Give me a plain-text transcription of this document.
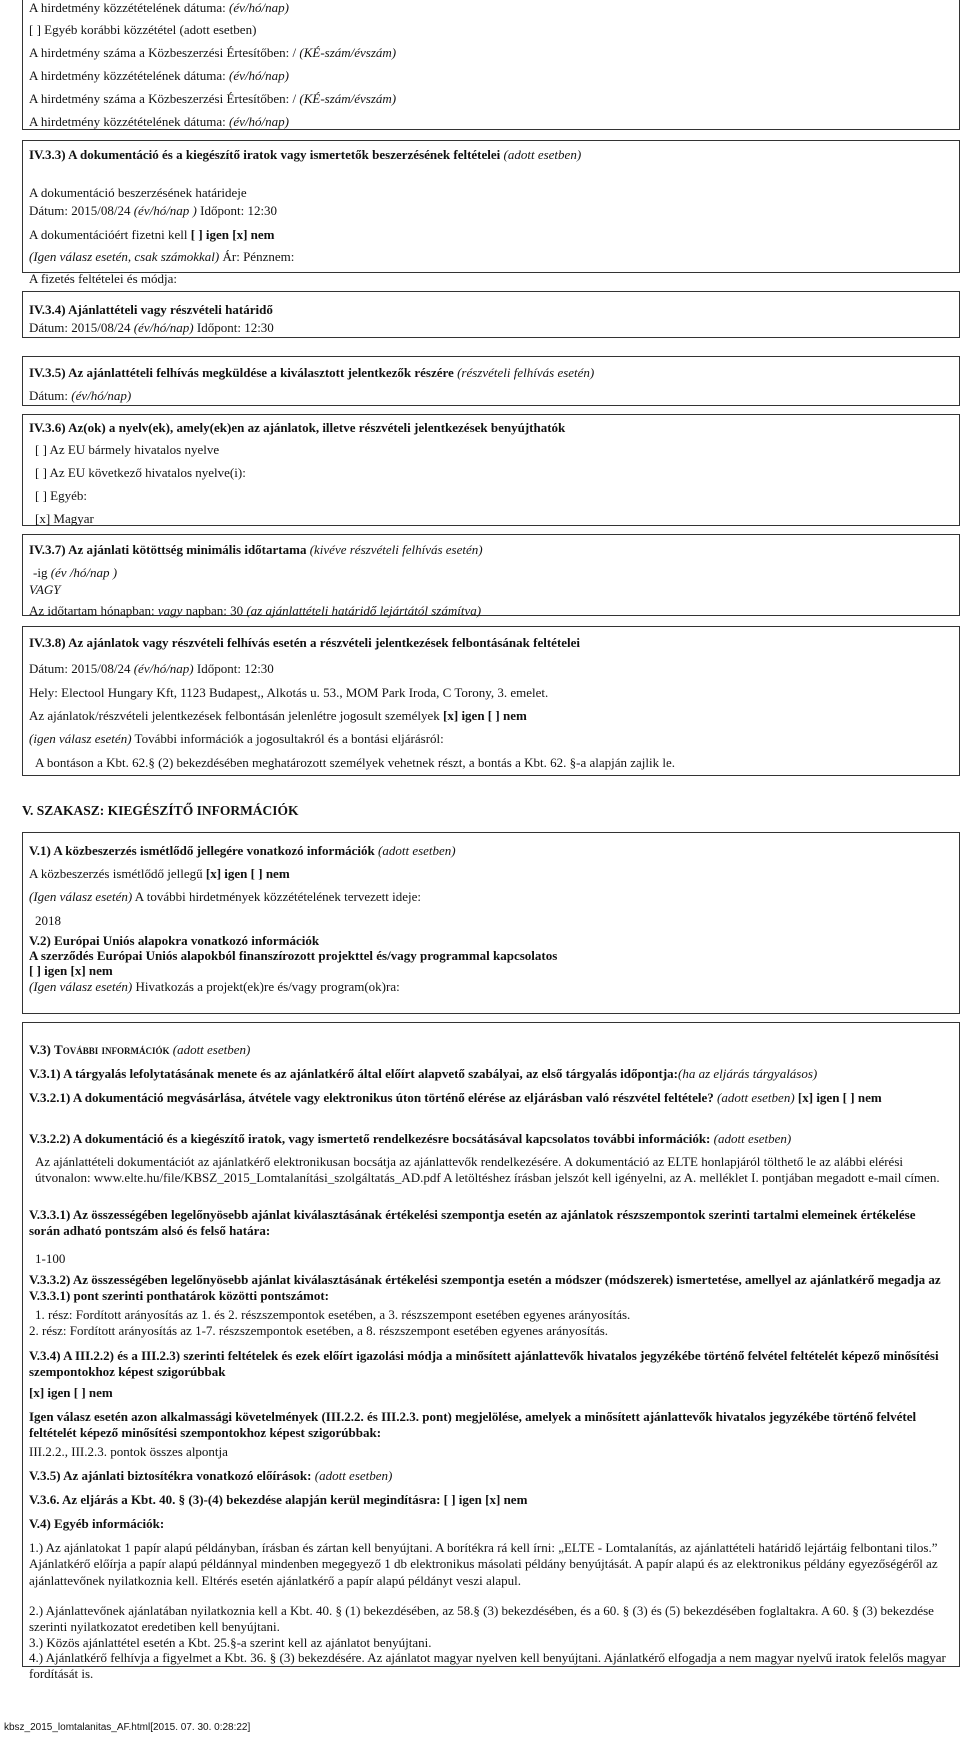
A hirdetmény közzétételének dátuma: (év/hó/nap)
[ ] Egyéb korábbi közzététel (adott esetben)
A hirdetmény száma a Közbeszerzési Értesítőben: / (KÉ-szám/évszám)
A hirdetmény közzétételének dátuma: (év/hó/nap)
A hirdetmény száma a Közbeszerzési Értesítőben: / (KÉ-szám/évszám)
A hirdetmény közzétételének dátuma: (év/hó/nap)
IV.3.3) A dokumentáció és a kiegészítő iratok vagy ismertetők beszerzésének feltételei (adott esetben)
A dokumentáció beszerzésének határideje
Dátum: 2015/08/24 (év/hó/nap ) Időpont: 12:30
A dokumentációért fizetni kell [ ] igen [x] nem
(Igen válasz esetén, csak számokkal) Ár: Pénznem:
A fizetés feltételei és módja:
IV.3.4) Ajánlattételi vagy részvételi határidő
Dátum: 2015/08/24 (év/hó/nap) Időpont: 12:30
IV.3.5) Az ajánlattételi felhívás megküldése a kiválasztott jelentkezők részére (részvételi felhívás esetén)
Dátum: (év/hó/nap)
IV.3.6) Az(ok) a nyelv(ek), amely(ek)en az ajánlatok, illetve részvételi jelentkezések benyújthatók
[ ] Az EU bármely hivatalos nyelve
[ ] Az EU következő hivatalos nyelve(i):
[ ] Egyéb:
[x] Magyar
IV.3.7) Az ajánlati kötöttség minimális időtartama (kivéve részvételi felhívás esetén)
-ig (év /hó/nap )
VAGY
Az időtartam hónapban: vagy napban: 30 (az ajánlattételi határidő lejártától számítva)
IV.3.8) Az ajánlatok vagy részvételi felhívás esetén a részvételi jelentkezések felbontásának feltételei
Dátum: 2015/08/24 (év/hó/nap) Időpont: 12:30
Hely: Electool Hungary Kft, 1123 Budapest,, Alkotás u. 53., MOM Park Iroda, C Torony, 3. emelet.
Az ajánlatok/részvételi jelentkezések felbontásán jelenlétre jogosult személyek [x] igen [ ] nem
(igen válasz esetén) További információk a jogosultakról és a bontási eljárásról:
A bontáson a Kbt. 62.§ (2) bekezdésében meghatározott személyek vehetnek részt, a bontás a Kbt. 62. §-a alapján zajlik le.
V. SZAKASZ: KIEGÉSZÍTŐ INFORMÁCIÓK
V.1) A közbeszerzés ismétlődő jellegére vonatkozó információk (adott esetben)
A közbeszerzés ismétlődő jellegű [x] igen [ ] nem
(Igen válasz esetén) A további hirdetmények közzétételének tervezett ideje:
2018
V.2) Európai Uniós alapokra vonatkozó információk
A szerződés Európai Uniós alapokból finanszírozott projekttel és/vagy programmal kapcsolatos
[ ] igen [x] nem
(Igen válasz esetén) Hivatkozás a projekt(ek)re és/vagy program(ok)ra:
V.3) További információk (adott esetben)
V.3.1) A tárgyalás lefolytatásának menete és az ajánlatkérő által előírt alapvető szabályai, az első tárgyalás időpontja:(ha az eljárás tárgyalásos)
V.3.2.1) A dokumentáció megvásárlása, átvétele vagy elektronikus úton történő elérése az eljárásban való részvétel feltétele? (adott esetben) [x] igen [ ] nem
V.3.2.2) A dokumentáció és a kiegészítő iratok, vagy ismertető rendelkezésre bocsátásával kapcsolatos további információk: (adott esetben)
Az ajánlattételi dokumentációt az ajánlatkérő elektronikusan bocsátja az ajánlattevők rendelkezésére. A dokumentáció az ELTE honlapjáról tölthető le az alábbi elérési útvonalon: www.elte.hu/file/KBSZ_2015_Lomtalanítási_szolgáltatás_AD.pdf A letöltéshez írásban jelszót kell igényelni, az A. melléklet I. pontjában megadott e-mail címen.
V.3.3.1) Az összességében legelőnyösebb ajánlat kiválasztásának értékelési szempontja esetén az ajánlatok részszempontok szerinti tartalmi elemeinek értékelése során adható pontszám alsó és felső határa:
1-100
V.3.3.2) Az összességében legelőnyösebb ajánlat kiválasztásának értékelési szempontja esetén a módszer (módszerek) ismertetése, amellyel az ajánlatkérő megadja az V.3.3.1) pont szerinti ponthatárok közötti pontszámot:
1. rész: Fordított arányosítás az 1. és 2. részszempontok esetében, a 3. részszempont esetében egyenes arányosítás.
2. rész: Fordított arányosítás az 1-7. részszempontok esetében, a 8. részszempont esetében egyenes arányosítás.
V.3.4) A III.2.2) és a III.2.3) szerinti feltételek és ezek előírt igazolási módja a minősített ajánlattevők hivatalos jegyzékébe történő felvétel feltételét képező minősítési szempontokhoz képest szigorúbbak
[x] igen [ ] nem
Igen válasz esetén azon alkalmassági követelmények (III.2.2. és III.2.3. pont) megjelölése, amelyek a minősített ajánlattevők hivatalos jegyzékébe történő felvétel feltételét képező minősítési szempontokhoz képest szigorúbbak:
III.2.2., III.2.3. pontok összes alpontja
V.3.5) Az ajánlati biztosítékra vonatkozó előírások: (adott esetben)
V.3.6. Az eljárás a Kbt. 40. § (3)-(4) bekezdése alapján kerül megindításra: [ ] igen [x] nem
V.4) Egyéb információk:
1.) Az ajánlatokat 1 papír alapú példányban, írásban és zártan kell benyújtani. A borítékra rá kell írni: „ELTE - Lomtalanítás, az ajánlattételi határidő lejártáig felbontani tilos.” Ajánlatkérő előírja a papír alapú példánnyal mindenben megegyező 1 db elektronikus másolati példány benyújtását. A papír alapú és az elektronikus példány egyezőségéről az ajánlattevőnek nyilatkoznia kell. Eltérés esetén ajánlatkérő a papír alapú példányt veszi alapul.
2.) Ajánlattevőnek ajánlatában nyilatkoznia kell a Kbt. 40. § (1) bekezdésében, az 58.§ (3) bekezdésében, és a 60. § (3) és (5) bekezdésében foglaltakra. A 60. § (3) bekezdése szerinti nyilatkozatot eredetiben kell benyújtani.
3.) Közös ajánlattétel esetén a Kbt. 25.§-a szerint kell az ajánlatot benyújtani.
4.) Ajánlatkérő felhívja a figyelmet a Kbt. 36. § (3) bekezdésére. Az ajánlatot magyar nyelven kell benyújtani. Ajánlatkérő elfogadja a nem magyar nyelvű iratok felelős magyar fordítását is.
kbsz_2015_lomtalanitas_AF.html[2015. 07. 30. 0:28:22]
